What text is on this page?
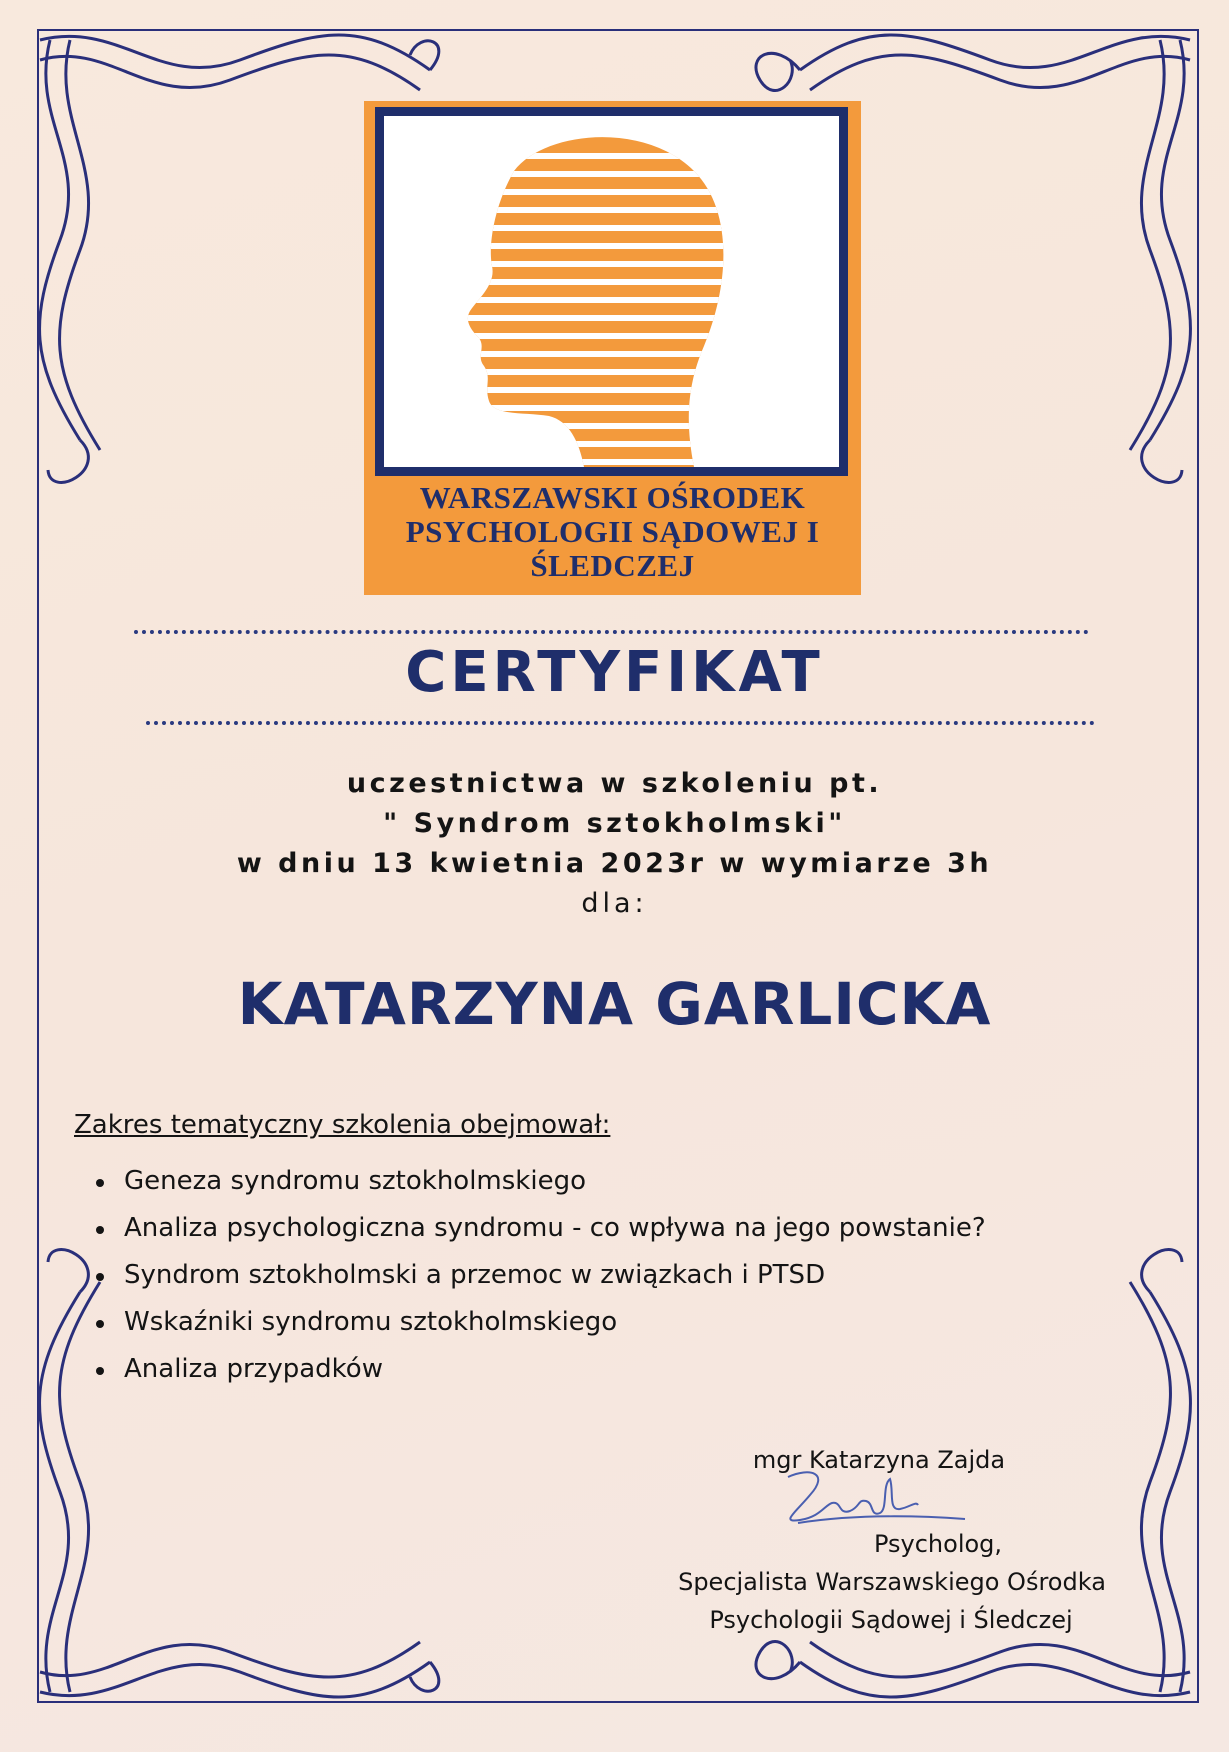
WARSZAWSKI OŚRODEK
PSYCHOLOGII SĄDOWEJ I
ŚLEDCZEJ
CERTYFIKAT
uczestnictwa w szkoleniu pt.
" Syndrom sztokholmski"
w dniu 13 kwietnia 2023r w wymiarze 3h
dla:
KATARZYNA GARLICKA
Zakres tematyczny szkolenia obejmował:
Geneza syndromu sztokholmskiego
Analiza psychologiczna syndromu - co wpływa na jego powstanie?
Syndrom sztokholmski a przemoc w związkach i PTSD
Wskaźniki syndromu sztokholmskiego
Analiza przypadków
mgr Katarzyna Zajda
Psycholog,
Specjalista Warszawskiego Ośrodka
Psychologii Sądowej i Śledczej
